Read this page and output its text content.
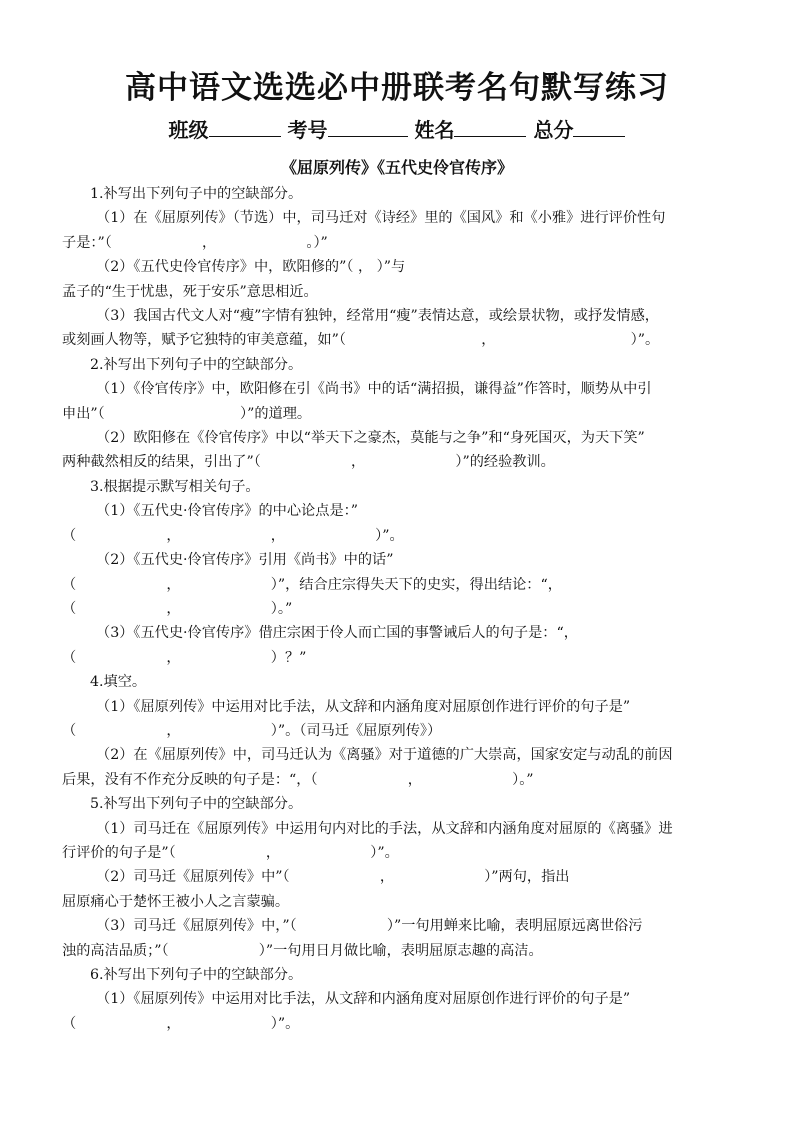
高中语文选选必中册联考名句默写练习
班级	考号	姓名	总分
《屈原列传》《五代史伶官传序》

1.补写出下列句子中的空缺部分。

（1）在《屈原列传》（节选）中，司马迁对《诗经》里的《国风》和《小雅》进行评价性句

子是：”（                    ，                    。）”

（2）《五代史伶官传序》中，欧阳修的”（ ， ）”与

孟子的“生于忧患，死于安乐”意思相近。

（3）我国古代文人对“瘦”字情有独钟，经常用“瘦”表情达意，或绘景状物，或抒发情感，

或刻画人物等，赋予它独特的审美意蕴，如”（                              ，                              ）”。

2.补写出下列句子中的空缺部分。

（1）《伶官传序》中，欧阳修在引《尚书》中的话“满招损，谦得益”作答时，顺势从中引

申出”（                              ）”的道理。

（2）欧阳修在《伶官传序》中以“举天下之豪杰，莫能与之争”和“身死国灭，为天下笑”

两种截然相反的结果，引出了”（                    ，                    ）”的经验教训。

3.根据提示默写相关句子。

（1）《五代史·伶官传序》的中心论点是：”

（                    ，                    ，                    ）”。

（2）《五代史·伶官传序》引用《尚书》中的话”

（                    ，                    ）”，结合庄宗得失天下的史实，得出结论：“，

（                    ，                    ）。”

（3）《五代史·伶官传序》借庄宗困于伶人而亡国的事警诫后人的句子是：“，

（                    ，                    ）？”

4.填空。

（1）《屈原列传》中运用对比手法，从文辞和内涵角度对屈原创作进行评价的句子是”

（                    ，                    ）”。（司马迁《屈原列传》）

（2）在《屈原列传》中，司马迁认为《离骚》对于道德的广大崇高，国家安定与动乱的前因

后果，没有不作充分反映的句子是：“，（                    ，                    ）。”

5.补写出下列句子中的空缺部分。

（1）司马迁在《屈原列传》中运用句内对比的手法，从文辞和内涵角度对屈原的《离骚》进

行评价的句子是”（                    ，                    ）”。

（2）司马迁《屈原列传》中”（                    ，                    ）”两句，指出

屈原痛心于楚怀王被小人之言蒙骗。

（3）司马迁《屈原列传》中，”（                    ）”一句用蝉来比喻，表明屈原远离世俗污

浊的高洁品质；”（                    ）”一句用日月做比喻，表明屈原志趣的高洁。

6.补写出下列句子中的空缺部分。

（1）《屈原列传》中运用对比手法，从文辞和内涵角度对屈原创作进行评价的句子是”

（                    ，                    ）”。
